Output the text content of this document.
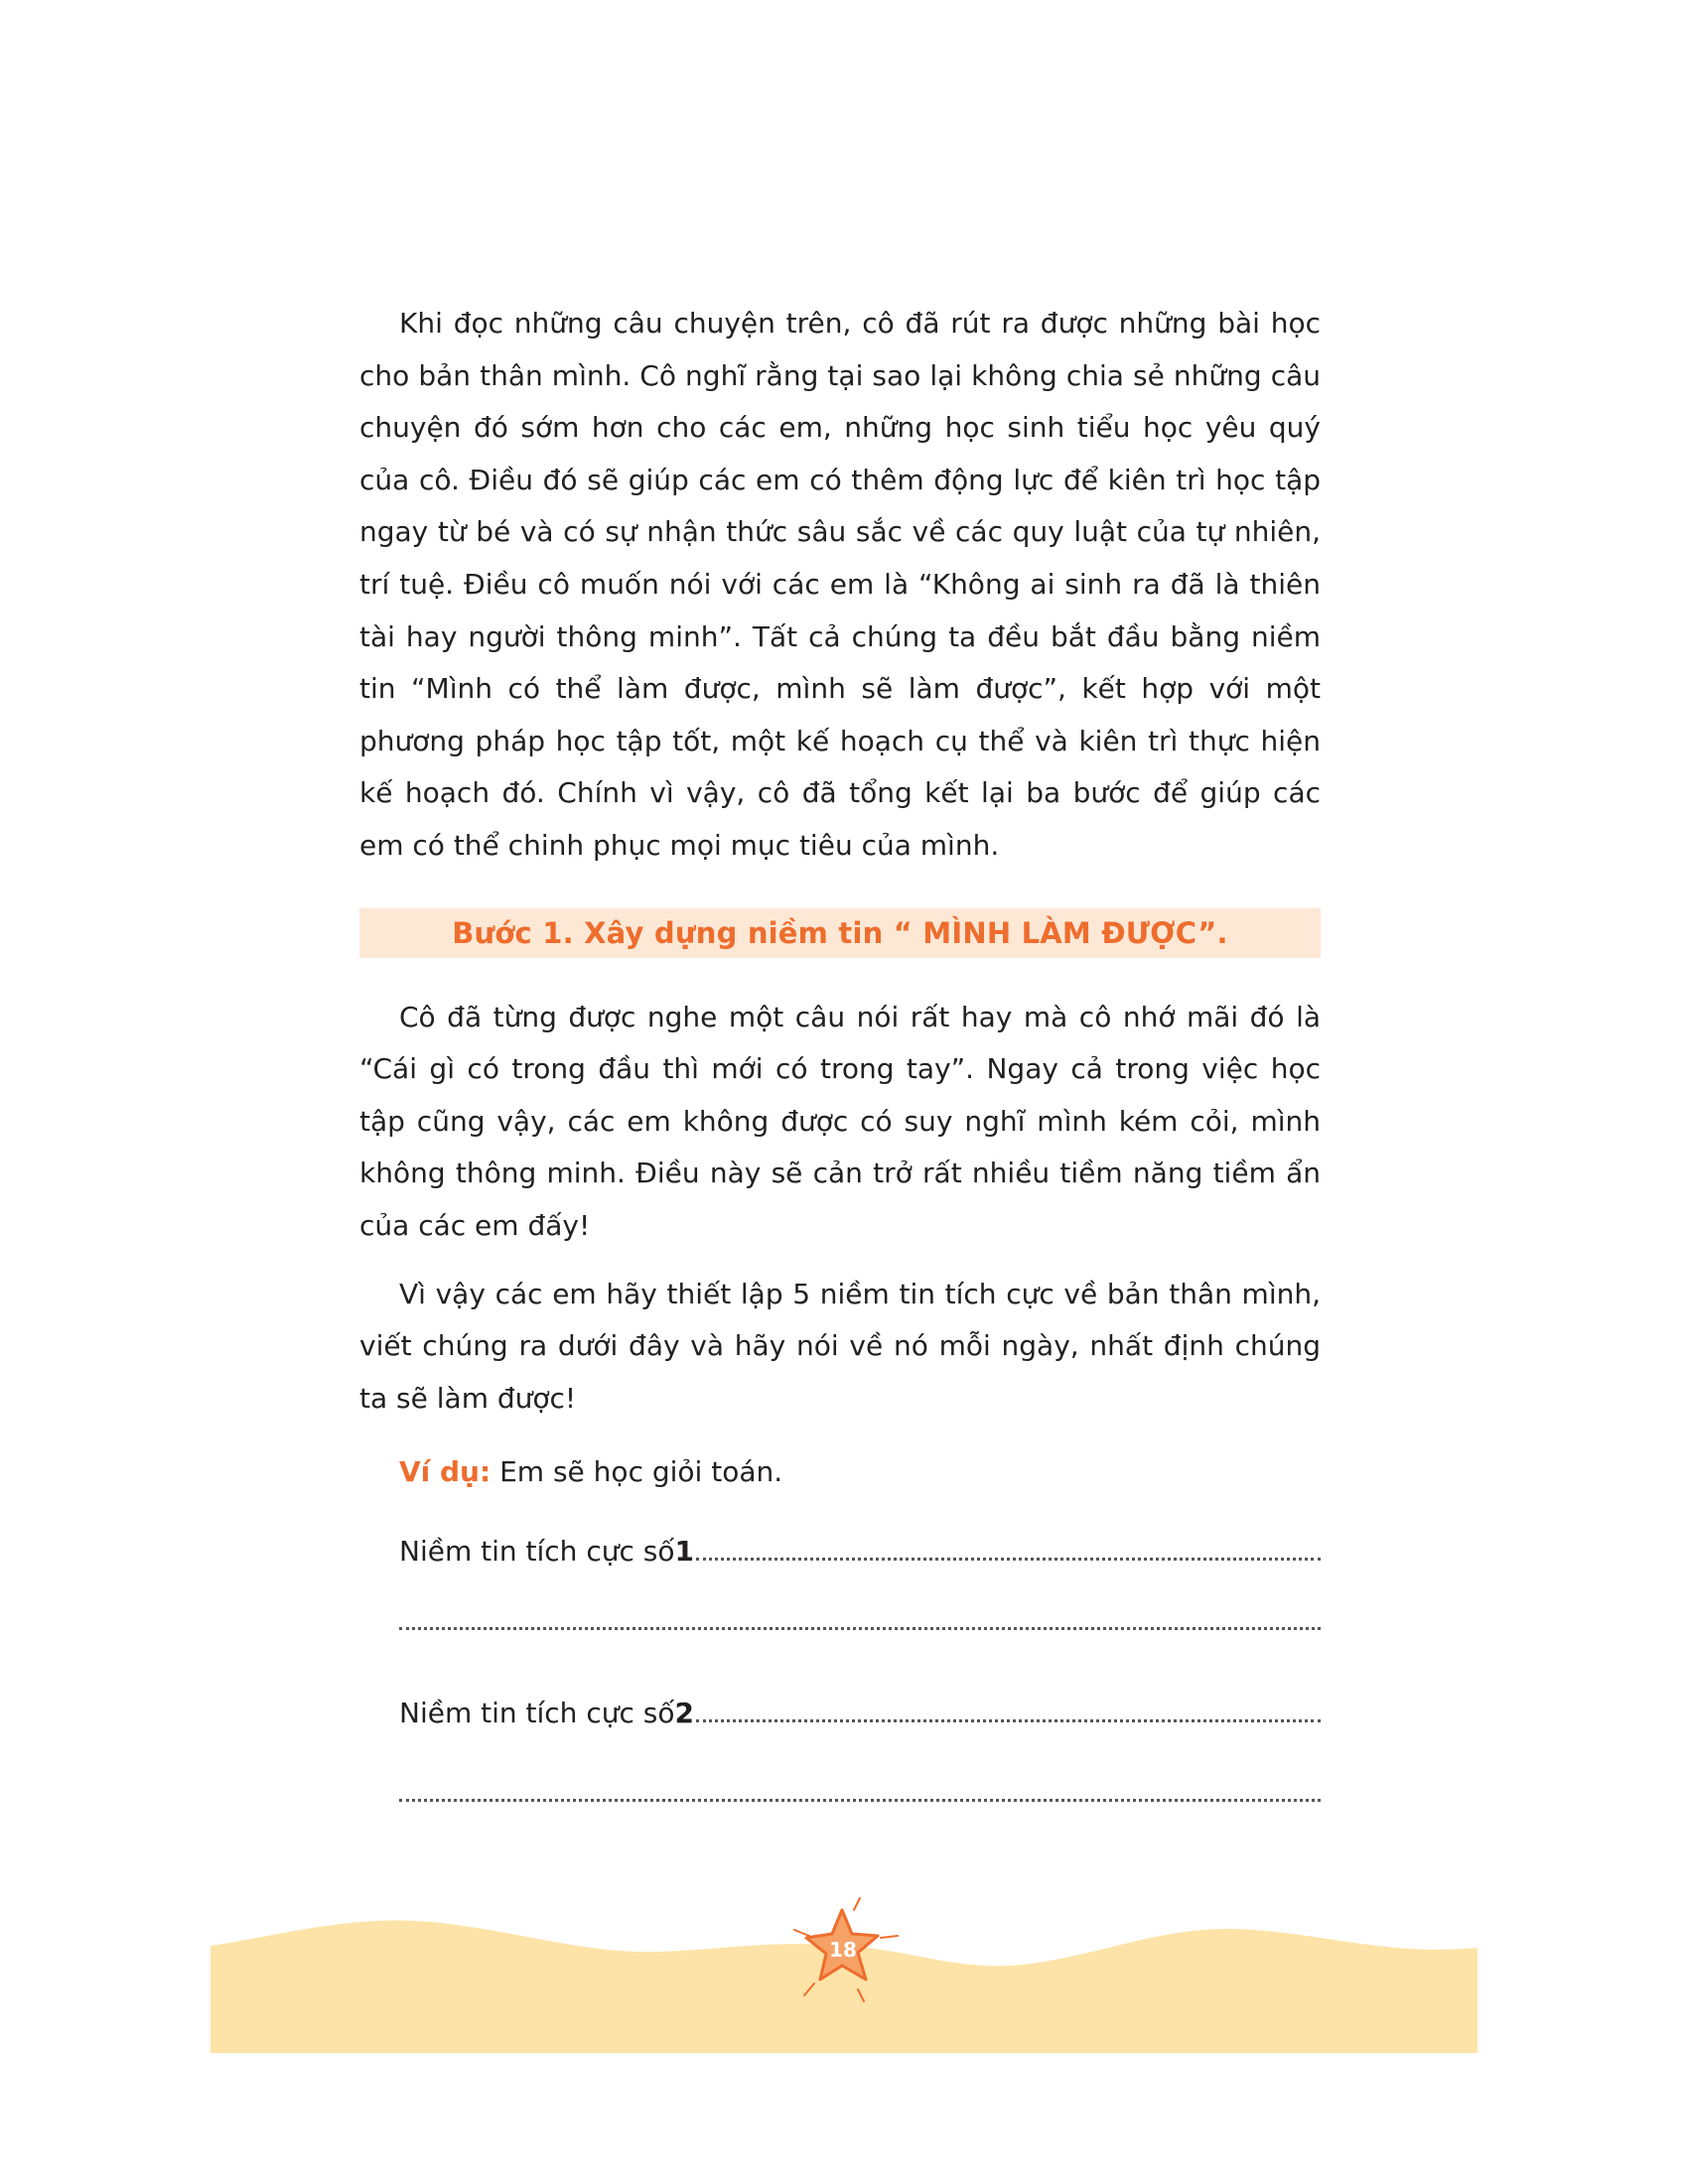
Khi đọc những câu chuyện trên, cô đã rút ra được những bài học cho bản thân mình. Cô nghĩ rằng tại sao lại không chia sẻ những câu chuyện đó sớm hơn cho các em, những học sinh tiểu học yêu quý của cô. Điều đó sẽ giúp các em có thêm động lực để kiên trì học tập ngay từ bé và có sự nhận thức sâu sắc về các quy luật của tự nhiên, trí tuệ. Điều cô muốn nói với các em là “Không ai sinh ra đã là thiên tài hay người thông minh”. Tất cả chúng ta đều bắt đầu bằng niềm tin “Mình có thể làm được, mình sẽ làm được”, kết hợp với một phương pháp học tập tốt, một kế hoạch cụ thể và kiên trì thực hiện kế hoạch đó. Chính vì vậy, cô đã tổng kết lại ba bước để giúp các em có thể chinh phục mọi mục tiêu của mình.

Bước 1. Xây dựng niềm tin “ MÌNH LÀM ĐƯỢC”.

Cô đã từng được nghe một câu nói rất hay mà cô nhớ mãi đó là “Cái gì có trong đầu thì mới có trong tay”. Ngay cả trong việc học tập cũng vậy, các em không được có suy nghĩ mình kém cỏi, mình không thông minh. Điều này sẽ cản trở rất nhiều tiềm năng tiềm ẩn của các em đấy!

Vì vậy các em hãy thiết lập 5 niềm tin tích cực về bản thân mình, viết chúng ra dưới đây và hãy nói về nó mỗi ngày, nhất định chúng ta sẽ làm được!

Ví dụ: Em sẽ học giỏi toán.

Niềm tin tích cực số 1
Niềm tin tích cực số 2
18
